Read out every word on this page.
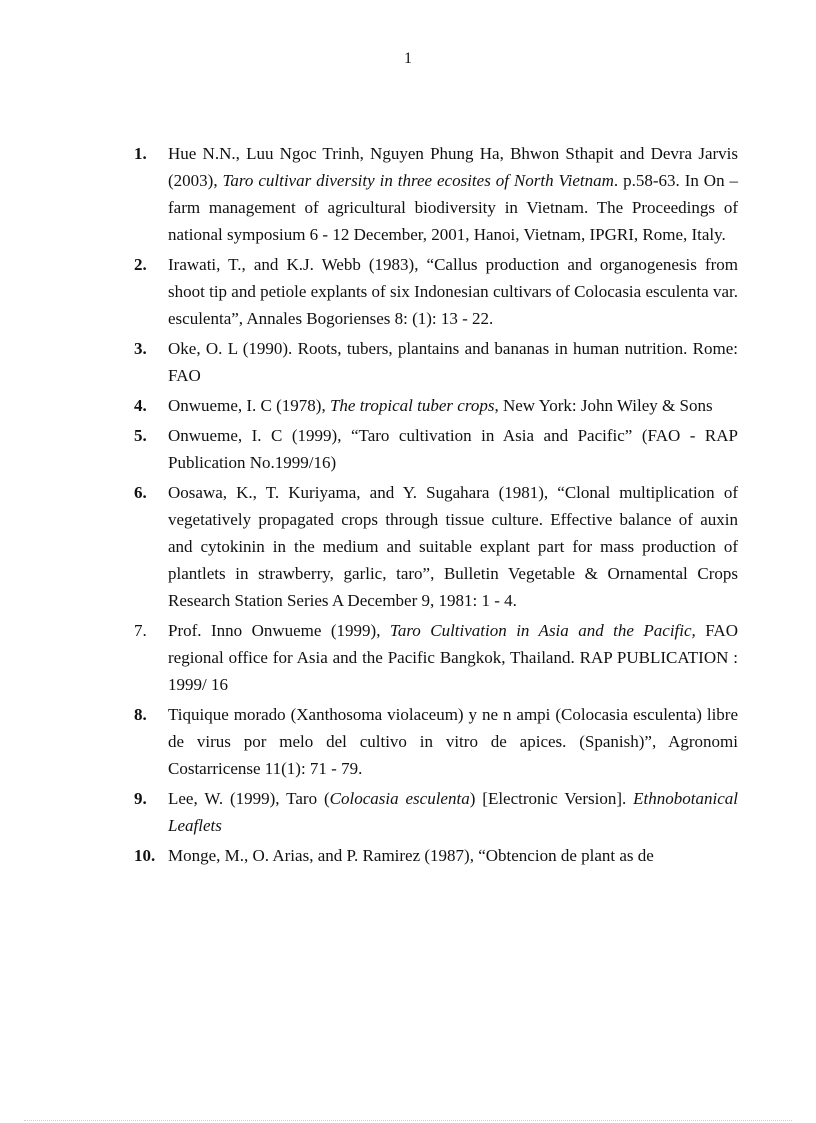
1
1. Hue N.N., Luu Ngoc Trinh, Nguyen Phung Ha, Bhwon Sthapit and Devra Jarvis (2003), Taro cultivar diversity in three ecosites of North Vietnam. p.58-63. In On – farm management of agricultural biodiversity in Vietnam. The Proceedings of national symposium 6 - 12 December, 2001, Hanoi, Vietnam, IPGRI, Rome, Italy.
2. Irawati, T., and K.J. Webb (1983), “Callus production and organogenesis from shoot tip and petiole explants of six Indonesian cultivars of Colocasia esculenta var. esculenta”, Annales Bogorienses 8: (1): 13 - 22.
3. Oke, O. L (1990). Roots, tubers, plantains and bananas in human nutrition. Rome: FAO
4. Onwueme, I. C (1978), The tropical tuber crops, New York: John Wiley & Sons
5. Onwueme, I. C (1999), “Taro cultivation in Asia and Pacific” (FAO - RAP Publication No.1999/16)
6. Oosawa, K., T. Kuriyama, and Y. Sugahara (1981), “Clonal multiplication of vegetatively propagated crops through tissue culture. Effective balance of auxin and cytokinin in the medium and suitable explant part for mass production of plantlets in strawberry, garlic, taro”, Bulletin Vegetable & Ornamental Crops Research Station Series A December 9, 1981: 1 - 4.
7. Prof. Inno Onwueme (1999), Taro Cultivation in Asia and the Pacific, FAO regional office for Asia and the Pacific Bangkok, Thailand. RAP PUBLICATION : 1999/ 16
8. Tiquique morado (Xanthosoma violaceum) y ne n ampi (Colocasia esculenta) libre de virus por melo del cultivo in vitro de apices. (Spanish)”, Agronomi Costarricense 11(1): 71 - 79.
9. Lee, W. (1999), Taro (Colocasia esculenta) [Electronic Version]. Ethnobotanical Leaflets
10. Monge, M., O. Arias, and P. Ramirez (1987), “Obtencion de plant as de
